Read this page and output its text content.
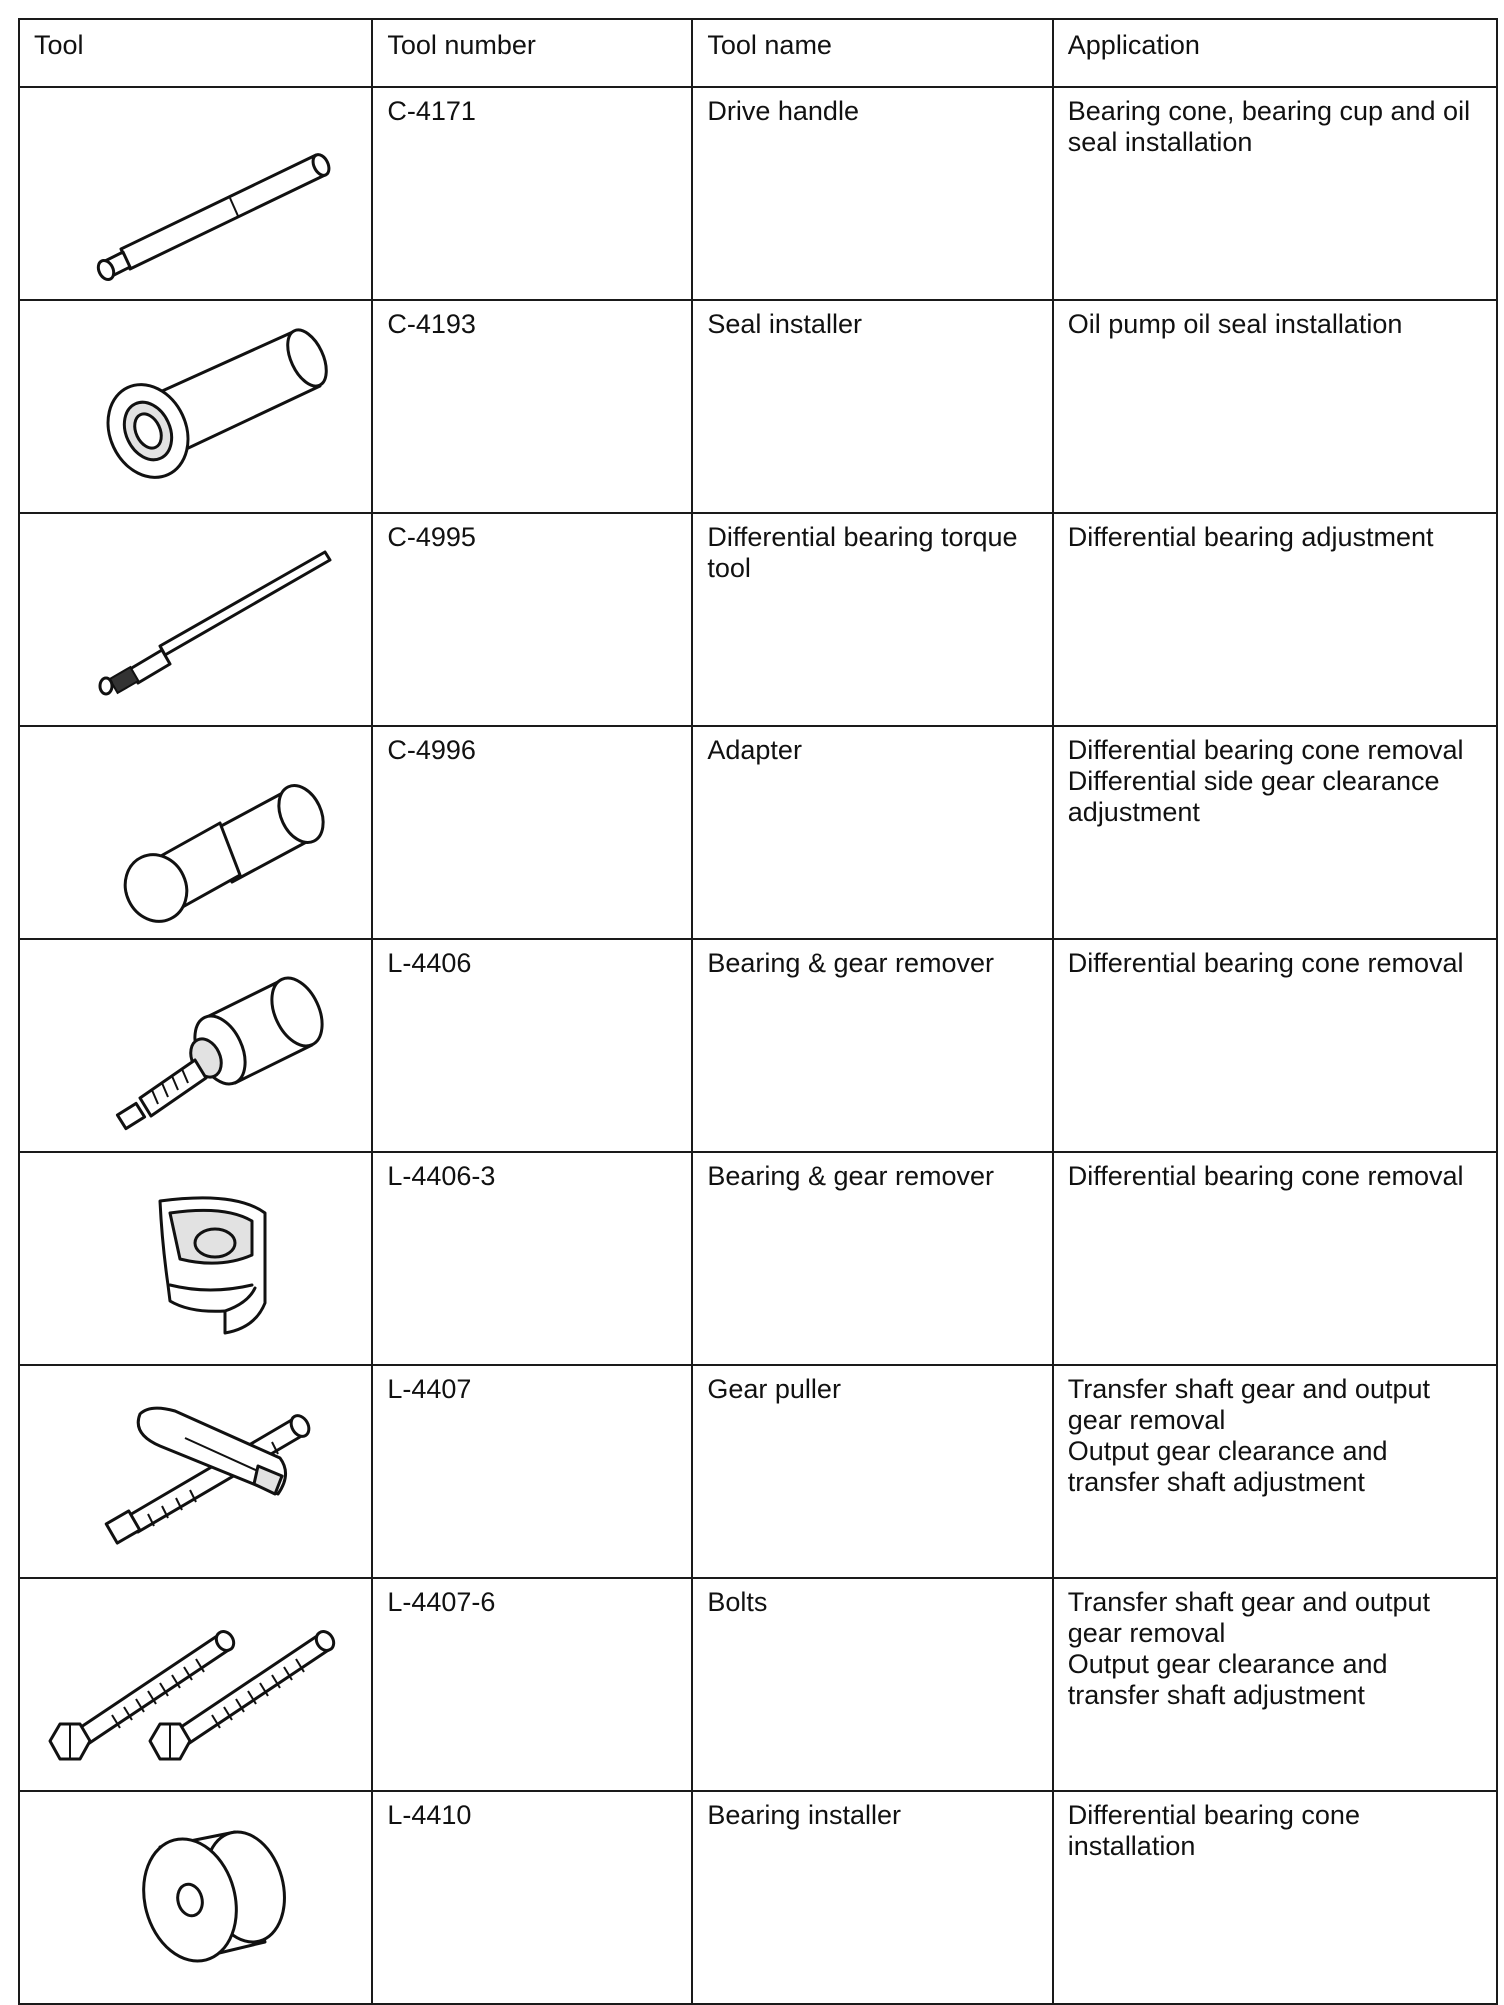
Tool	Tool number	Tool name	Application

	C-4171	Drive handle	Bearing cone, bearing cup and oil seal installation

	C-4193	Seal installer	Oil pump oil seal installation

	C-4995	Differential bearing torque tool	Differential bearing adjustment

	C-4996	Adapter	Differential bearing cone removal
Differential side gear clearance adjustment

	L-4406	Bearing & gear remover	Differential bearing cone removal

	L-4406-3	Bearing & gear remover	Differential bearing cone removal

	L-4407	Gear puller	Transfer shaft gear and output gear removal
Output gear clearance and transfer shaft adjustment

	L-4407-6	Bolts	Transfer shaft gear and output gear removal
Output gear clearance and transfer shaft adjustment

	L-4410	Bearing installer	Differential bearing cone installation
